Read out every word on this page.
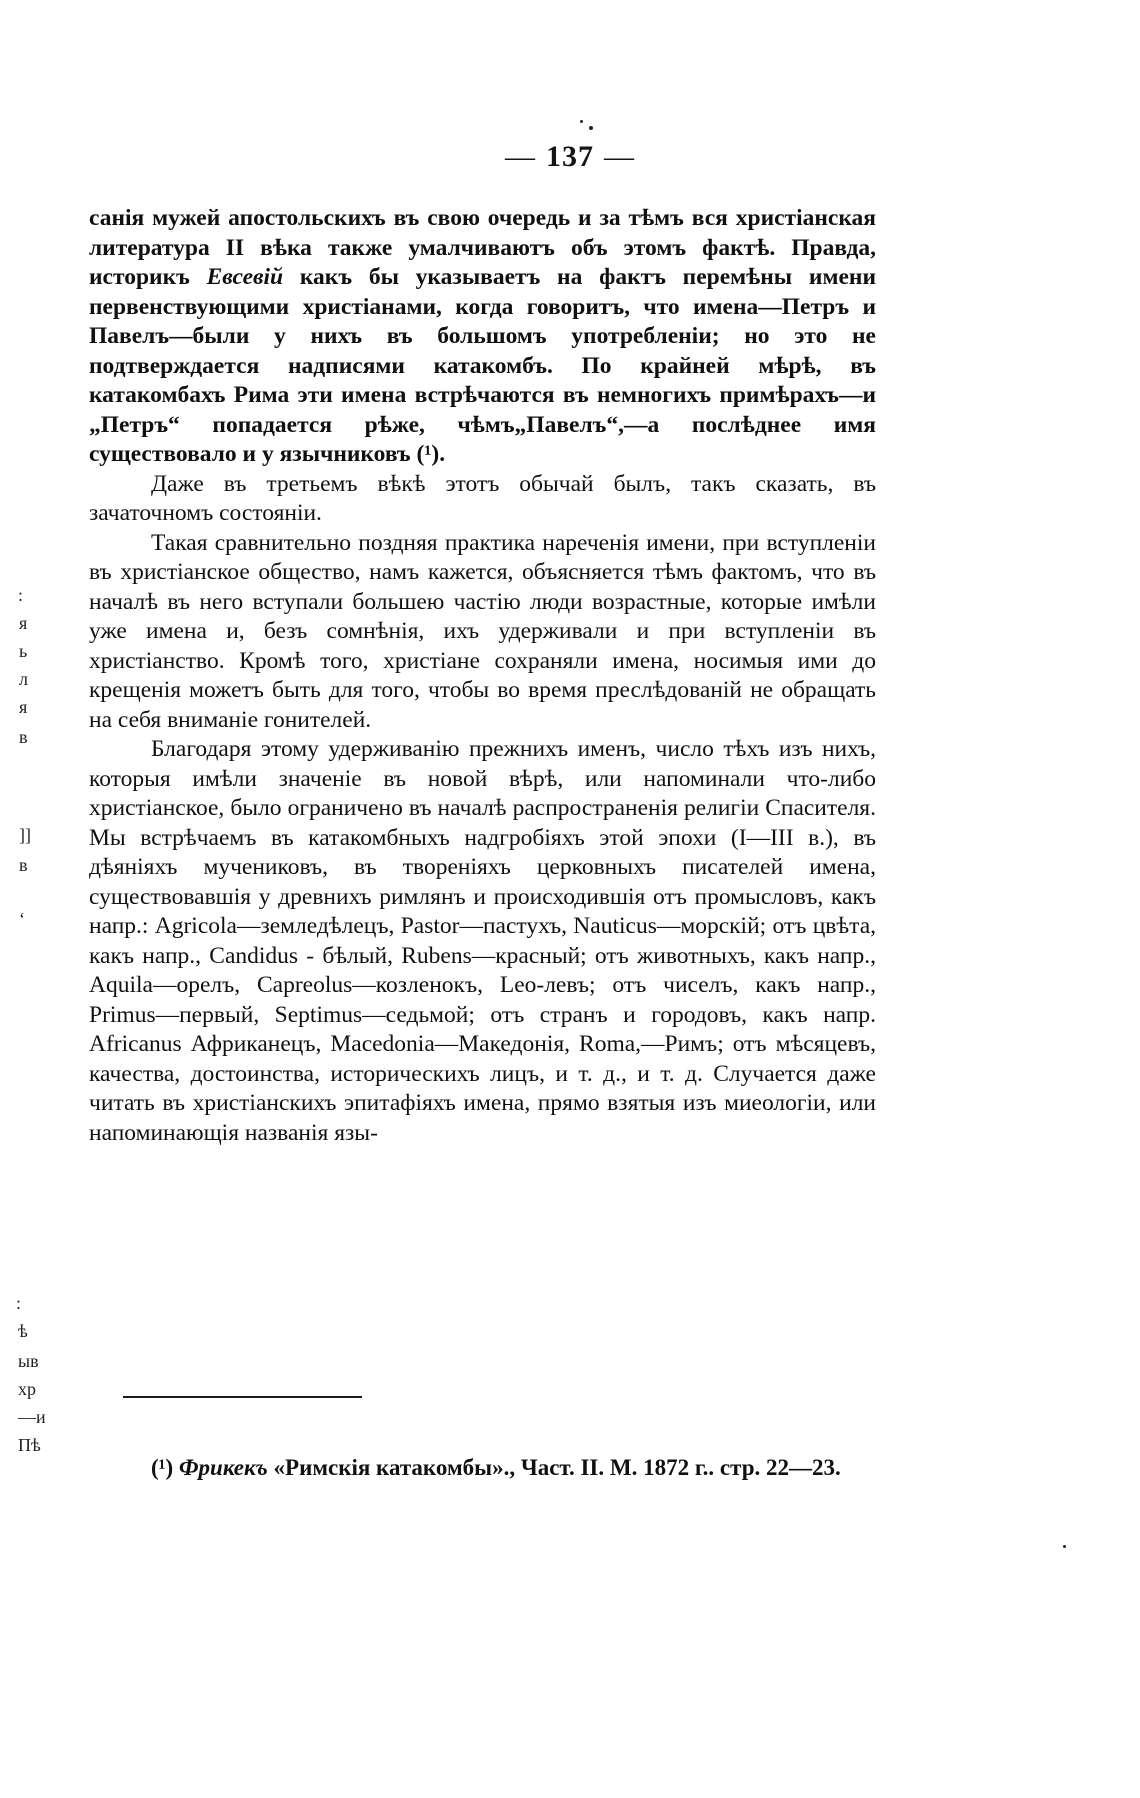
— 137 —

санія мужей апостольскихъ въ свою очередь и за тѣмъ вся христіанская литература II вѣка также умалчиваютъ объ этомъ фактѣ. Правда, историкъ Евсевій какъ бы указываетъ на фактъ перемѣны имени первенствующими христіанами, когда говоритъ, что имена—Петръ и Павелъ—были у нихъ въ большомъ употребленіи; но это не подтверждается надписями катакомбъ. По крайней мѣрѣ, въ катакомбахъ Рима эти имена встрѣчаются въ немногихъ примѣрахъ—и „Петръ“ попадается рѣже, чѣмъ„Павелъ“,—а послѣднее имя существовало и у язычниковъ (¹).

Даже въ третьемъ вѣкѣ этотъ обычай былъ, такъ сказать, въ зачаточномъ состояніи.

Такая сравнительно поздняя практика нареченія имени, при вступленіи въ христіанское общество, намъ кажется, объясняется тѣмъ фактомъ, что въ началѣ въ него вступали большею частію люди возрастные, которые имѣли уже имена и, безъ сомнѣнія, ихъ удерживали и при вступленіи въ христіанство. Кромѣ того, христіане сохраняли имена, носимыя ими до крещенія можетъ быть для того, чтобы во время преслѣдованій не обращать на себя вниманіе гонителей.

Благодаря этому удерживанію прежнихъ именъ, число тѣхъ изъ нихъ, которыя имѣли значеніе въ новой вѣрѣ, или напоминали что-либо христіанское, было ограничено въ началѣ распространенія религіи Спасителя. Мы встрѣчаемъ въ катакомбныхъ надгробіяхъ этой эпохи (I—III в.), въ дѣяніяхъ мучениковъ, въ твореніяхъ церковныхъ писателей имена, существовавшія у древнихъ римлянъ и происходившія отъ промысловъ, какъ напр.: Agricola—земледѣлецъ, Pastor—пастухъ, Nauticus—морскій; отъ цвѣта, какъ напр., Candidus - бѣлый, Rubens—красный; отъ животныхъ, какъ напр., Aquila—орелъ, Capreolus—козленокъ, Leo-левъ; отъ чиселъ, какъ напр., Primus—первый, Septimus—седьмой; отъ странъ и городовъ, какъ напр. Africanus Африканецъ, Macedonia—Македонія, Roma,—Римъ; отъ мѣсяцевъ, качества, достоинства, историческихъ лицъ, и т. д., и т. д. Случается даже читать въ христіанскихъ эпитафіяхъ имена, прямо взятыя изъ миеологіи, или напоминающія названія язы-

(¹) Фрикекъ «Римскія катакомбы»., Част. II. М. 1872 г.. стр. 22—23.

:
я
ь
л
я
в
]]
в
ʻ
:
ѣ
ыв
хр
—и
Пѣ
